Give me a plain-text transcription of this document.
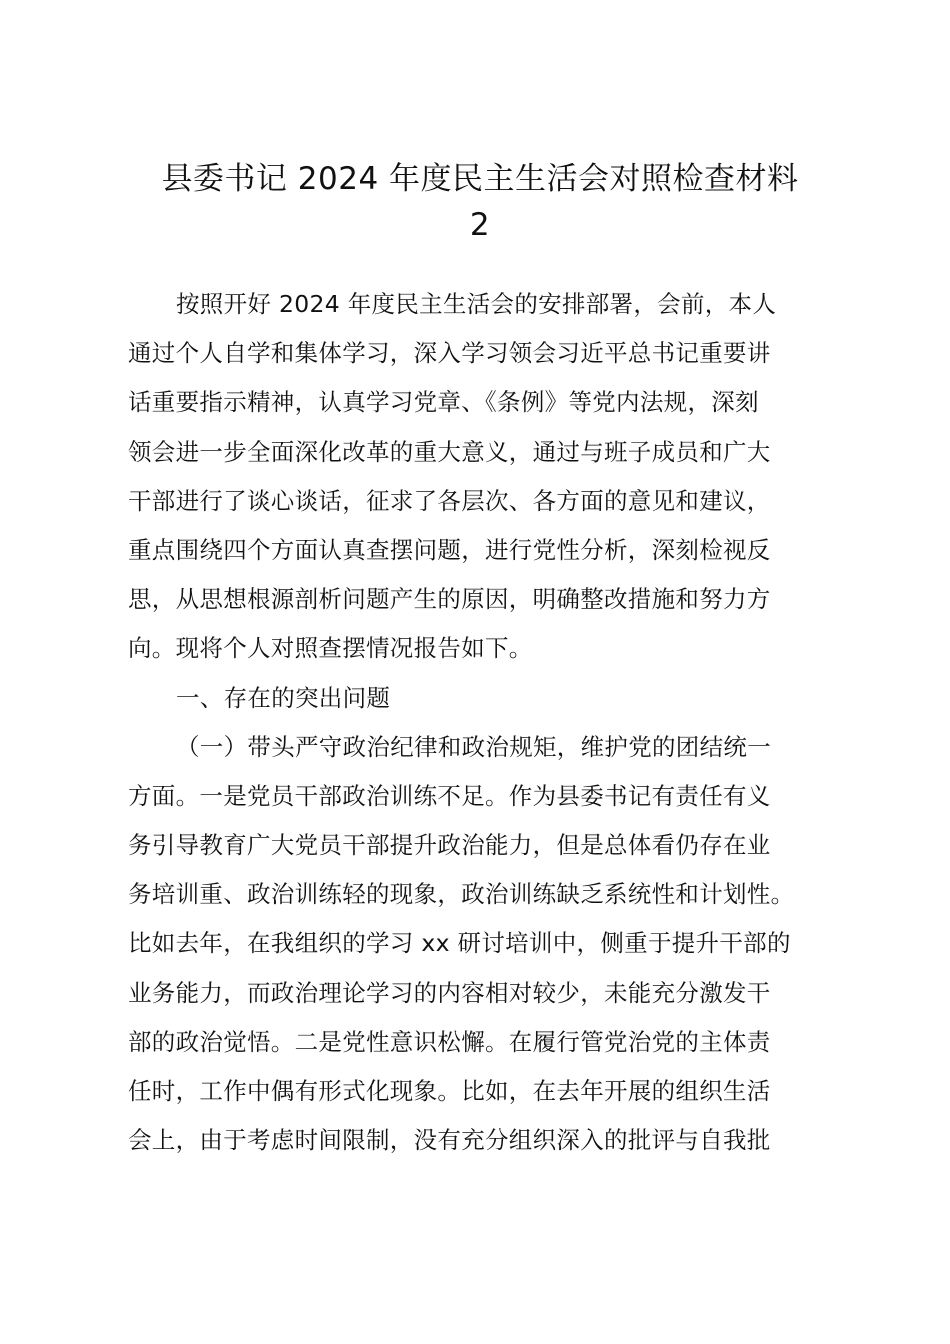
县委书记 2024 年度民主生活会对照检查材料
2
按照开好 2024 年度民主生活会的安排部署，会前，本人
通过个人自学和集体学习，深入学习领会习近平总书记重要讲
话重要指示精神，认真学习党章、《条例》等党内法规，深刻
领会进一步全面深化改革的重大意义，通过与班子成员和广大
干部进行了谈心谈话，征求了各层次、各方面的意见和建议，
重点围绕四个方面认真查摆问题，进行党性分析，深刻检视反
思，从思想根源剖析问题产生的原因，明确整改措施和努力方
向。现将个人对照查摆情况报告如下。
一、存在的突出问题
（一）带头严守政治纪律和政治规矩，维护党的团结统一
方面。一是党员干部政治训练不足。作为县委书记有责任有义
务引导教育广大党员干部提升政治能力，但是总体看仍存在业
务培训重、政治训练轻的现象，政治训练缺乏系统性和计划性。
比如去年，在我组织的学习 xx 研讨培训中，侧重于提升干部的
业务能力，而政治理论学习的内容相对较少，未能充分激发干
部的政治觉悟。二是党性意识松懈。在履行管党治党的主体责
任时，工作中偶有形式化现象。比如，在去年开展的组织生活
会上，由于考虑时间限制，没有充分组织深入的批评与自我批
